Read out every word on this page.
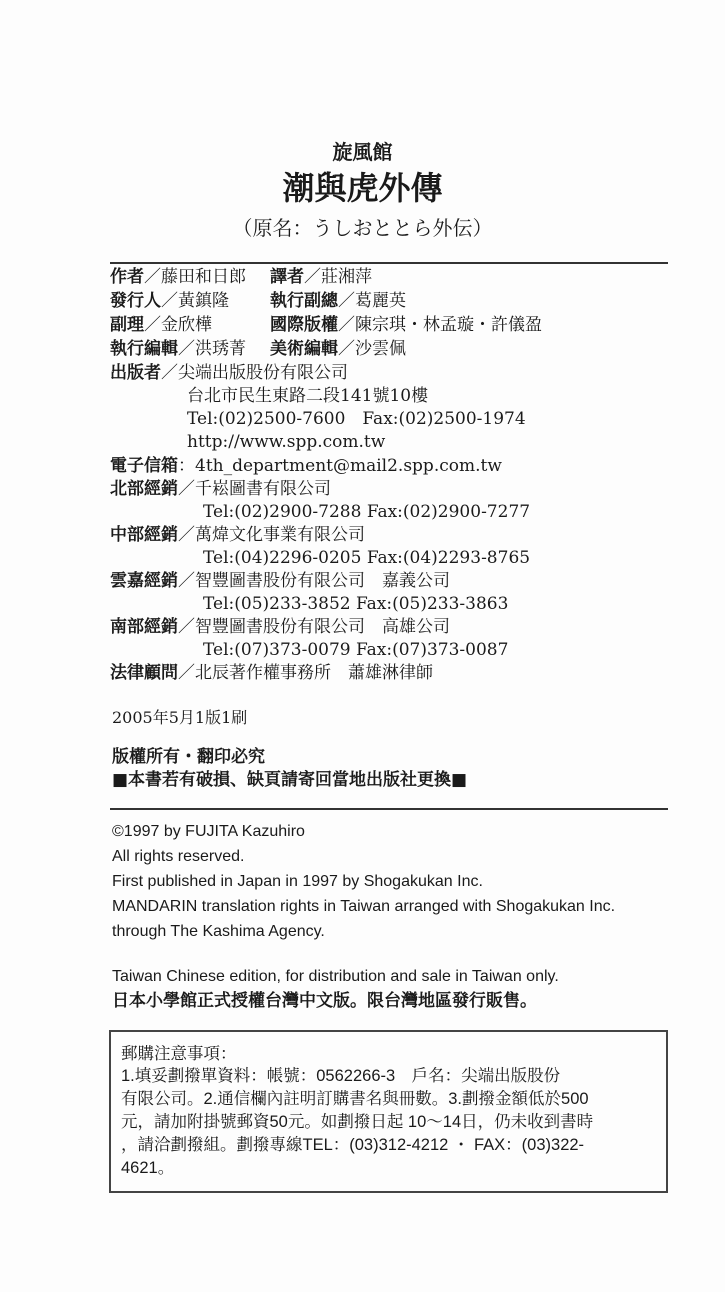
旋風館
潮與虎外傳
（原名：うしおととら外伝）
作者 ／藤田和日郎 譯者 ／莊湘萍
發行人 ／黃鎮隆 執行副總 ／葛麗英
副理 ／金欣樺	國際版權 ／陳宗琪・林孟璇・許儀盈
執行編輯 ／洪琇菁 美術編輯 ／沙雲佩
出版者 ／尖端出版股份有限公司
台北市民生東路二段141號10樓
Tel:(02)2500-7600　Fax:(02)2500-1974
http://www.spp.com.tw
電子信箱 ：4th_department@mail2.spp.com.tw
北部經銷 ／千崧圖書有限公司
Tel:(02)2900-7288 Fax:(02)2900-7277
中部經銷 ／萬煒文化事業有限公司
Tel:(04)2296-0205 Fax:(04)2293-8765
雲嘉經銷 ／智豐圖書股份有限公司　嘉義公司
Tel:(05)233-3852 Fax:(05)233-3863
南部經銷 ／智豐圖書股份有限公司　高雄公司
Tel:(07)373-0079 Fax:(07)373-0087
法律顧問 ／北辰著作權事務所　蕭雄淋律師
2005年5月1版1刷
版權所有・翻印必究
■本書若有破損、缺頁請寄回當地出版社更換■
©1997 by FUJITA Kazuhiro
All rights reserved.
First published in Japan in 1997 by Shogakukan Inc.
MANDARIN translation rights in Taiwan arranged with Shogakukan Inc.
through The Kashima Agency.
Taiwan Chinese edition, for distribution and sale in Taiwan only.
日本小學館正式授權台灣中文版。限台灣地區發行販售。
郵購注意事項：
1.填妥劃撥單資料：帳號：0562266-3　戶名：尖端出版股份
有限公司。2.通信欄內註明訂購書名與冊數。3.劃撥金額低於500
元，請加附掛號郵資50元。如劃撥日起 10～14日，仍未收到書時
，請洽劃撥組。劃撥專線TEL：(03)312-4212 ・ FAX：(03)322-
4621。
